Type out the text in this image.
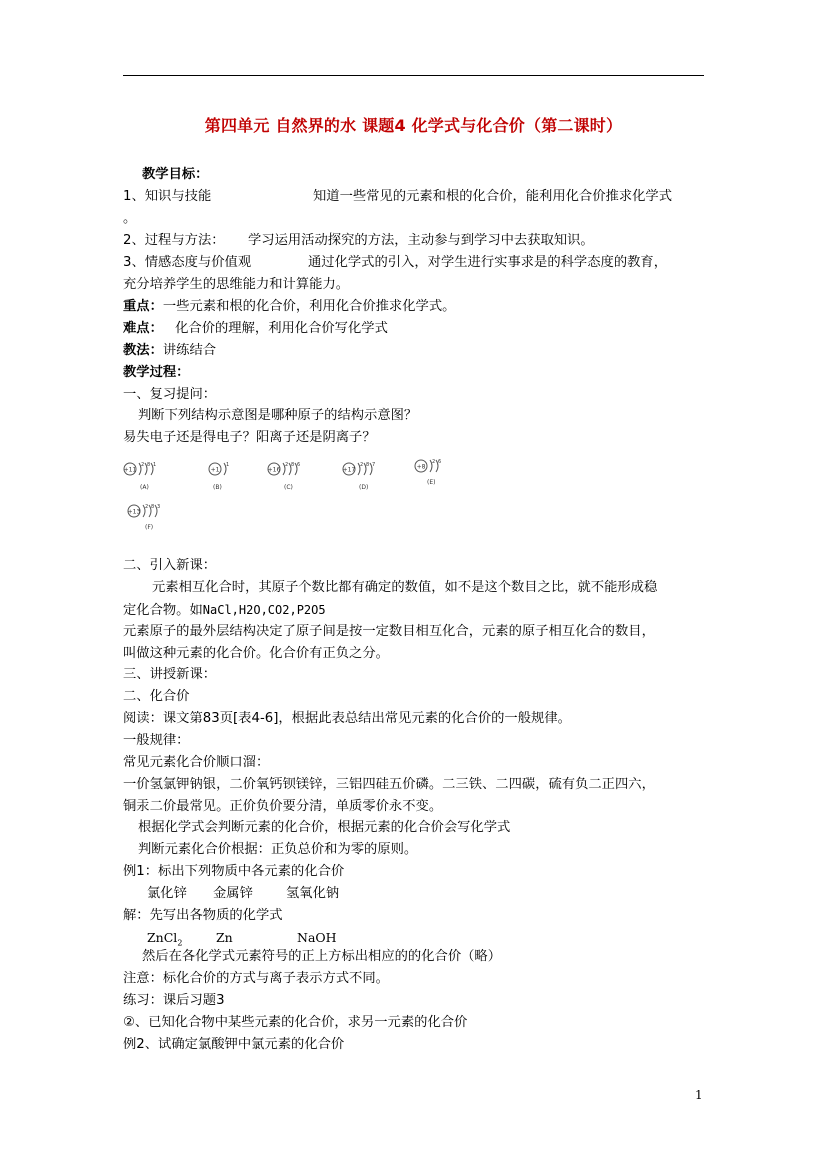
第四单元 自然界的水 课题4 化学式与化合价（第二课时）
教学目标：
1、知识与技能	知道一些常见的元素和根的化合价，能利用化合价推求化学式
。
2、过程与方法： 学习运用活动探究的方法，主动参与到学习中去获取知识。
3、情感态度与价值观	通过化学式的引入，对学生进行实事求是的科学态度的教育，
充分培养学生的思维能力和计算能力。
重点：一些元素和根的化合价，利用化合价推求化学式。
难点： 化合价的理解，利用化合价写化学式
教法：讲练结合
教学过程：
一、复习提问：
判断下列结构示意图是哪种原子的结构示意图？
易失电子还是得电子？阳离子还是阴离子？
+11
2 8 1
(A)
+1
1
(B)
+16
2 8 6
(C)
+17
2 8 7
(D)
+8
2 6
(E)
+13
2 8 3
(F)
二、引入新课：
元素相互化合时，其原子个数比都有确定的数值，如不是这个数目之比，就不能形成稳
定化合物。如NaCl,H2O,CO2,P2O5
元素原子的最外层结构决定了原子间是按一定数目相互化合，元素的原子相互化合的数目，
叫做这种元素的化合价。化合价有正负之分。
三、讲授新课：
二、化合价
阅读：课文第83页[表4-6]，根据此表总结出常见元素的化合价的一般规律。
一般规律：
常见元素化合价顺口溜：
一价氢氯钾钠银，二价氧钙钡镁锌，三铝四硅五价磷。二三铁、二四碳，硫有负二正四六，
铜汞二价最常见。正价负价要分清，单质零价永不变。
根据化学式会判断元素的化合价，根据元素的化合价会写化学式
判断元素化合价根据：正负总价和为零的原则。
例1：标出下列物质中各元素的化合价
氯化锌 金属锌 氢氧化钠
解：先写出各物质的化学式
ZnCl$_2$	Zn	NaOH
然后在各化学式元素符号的正上方标出相应的的化合价（略）
注意：标化合价的方式与离子表示方式不同。
练习：课后习题3
②、已知化合物中某些元素的化合价，求另一元素的化合价
例2、试确定氯酸钾中氯元素的化合价
1
